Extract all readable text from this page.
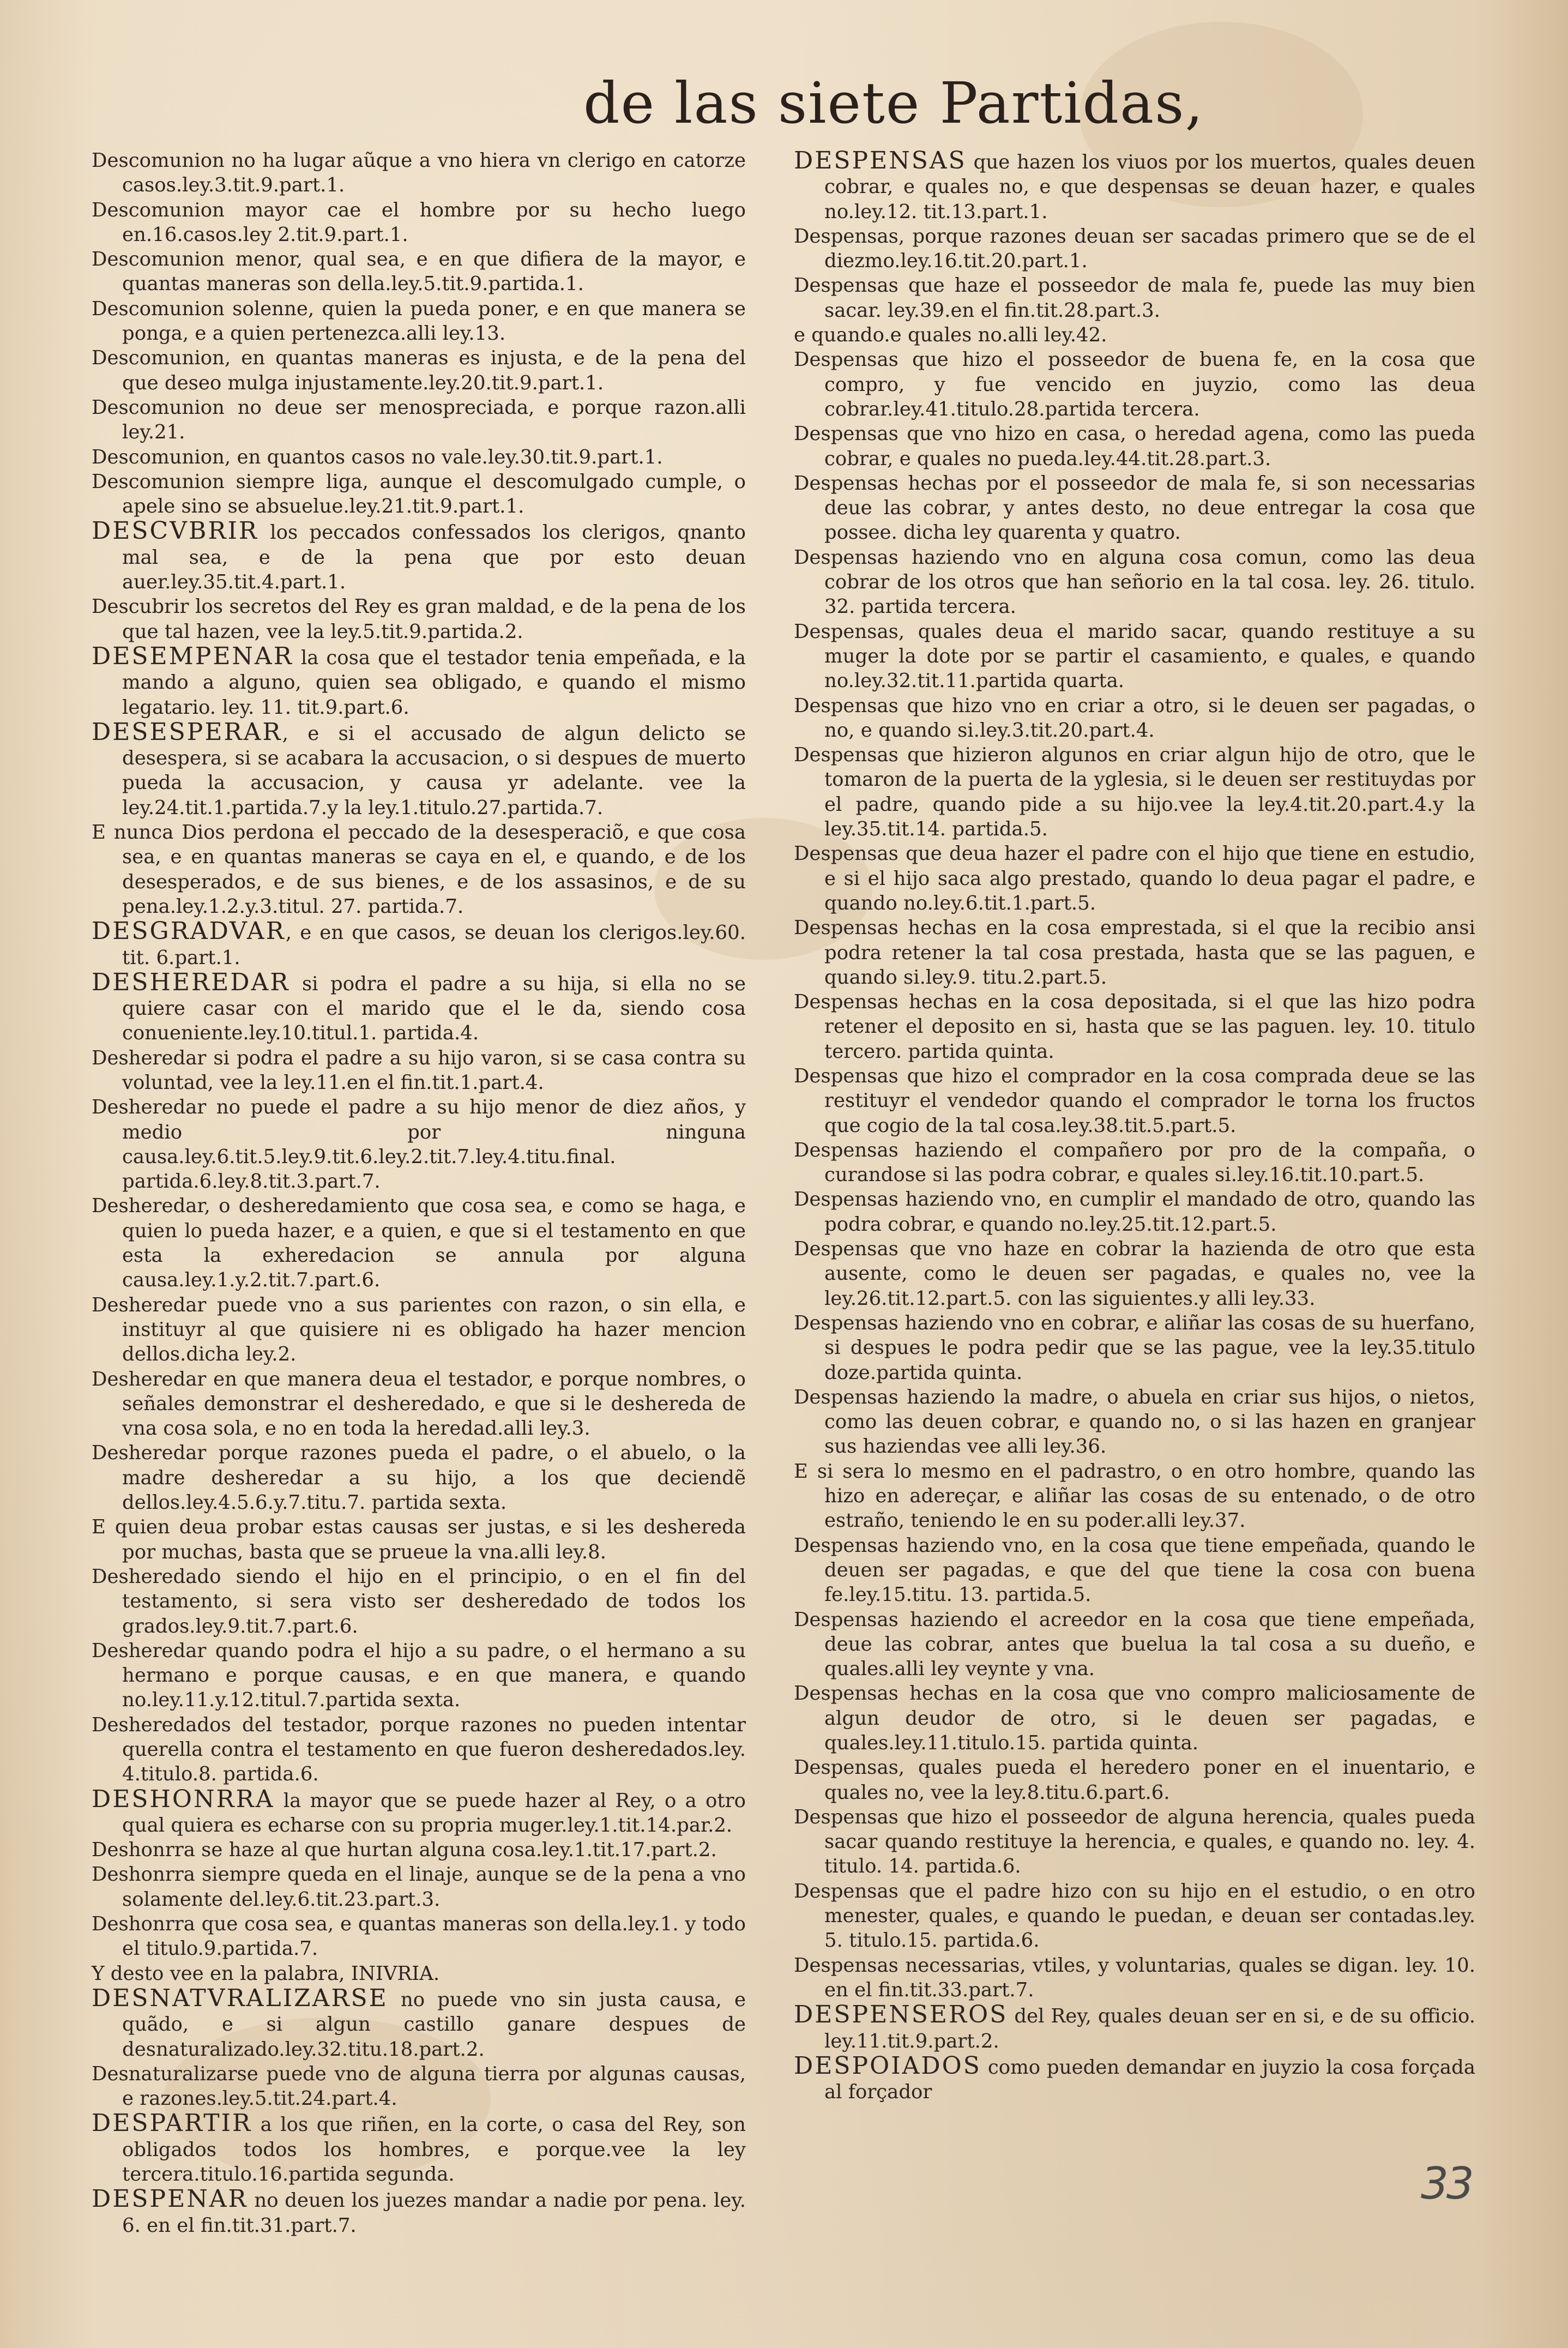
de las siete Partidas,

Descomunion no ha lugar aũque a vno hiera vn clerigo en catorze casos.ley.3.tit.9.part.1.

Descomunion mayor cae el hombre por su hecho luego en.16.casos.ley 2.tit.9.part.1.

Descomunion menor, qual sea, e en que difiera de la mayor, e quantas maneras son della.ley.5.tit.9.partida.1.

Descomunion solenne, quien la pueda poner, e en que manera se ponga, e a quien pertenezca.alli ley.13.

Descomunion, en quantas maneras es injusta, e de la pena del que deseo mulga injustamente.ley.20.tit.9.part.1.

Descomunion no deue ser menospreciada, e porque razon.alli ley.21.

Descomunion, en quantos casos no vale.ley.30.tit.9.part.1.

Descomunion siempre liga, aunque el descomulgado cumple, o apele sino se absuelue.ley.21.tit.9.part.1.

DESCVBRIR los peccados confessados los clerigos, qnanto mal sea, e de la pena que por esto deuan auer.ley.35.tit.4.part.1.

Descubrir los secretos del Rey es gran maldad, e de la pena de los que tal hazen, vee la ley.5.tit.9.partida.2.

DESEMPENAR la cosa que el testador tenia empeñada, e la mando a alguno, quien sea obligado, e quando el mismo legatario. ley. 11. tit.9.part.6.

DESESPERAR, e si el accusado de algun delicto se desespera, si se acabara la accusacion, o si despues de muerto pueda la accusacion, y causa yr adelante. vee la ley.24.tit.1.partida.7.y la ley.1.titulo.27.partida.7.

E nunca Dios perdona el peccado de la desesperaciõ, e que cosa sea, e en quantas maneras se caya en el, e quando, e de los desesperados, e de sus bienes, e de los assasinos, e de su pena.ley.1.2.y.3.titul. 27. partida.7.

DESGRADVAR, e en que casos, se deuan los clerigos.ley.60. tit. 6.part.1.

DESHEREDAR si podra el padre a su hija, si ella no se quiere casar con el marido que el le da, siendo cosa conueniente.ley.10.titul.1. partida.4.

Desheredar si podra el padre a su hijo varon, si se casa contra su voluntad, vee la ley.11.en el fin.tit.1.part.4.

Desheredar no puede el padre a su hijo menor de diez años, y medio por ninguna causa.ley.6.tit.5.ley.9.tit.6.ley.2.tit.7.ley.4.titu.final. partida.6.ley.8.tit.3.part.7.

Desheredar, o desheredamiento que cosa sea, e como se haga, e quien lo pueda hazer, e a quien, e que si el testamento en que esta la exheredacion se annula por alguna causa.ley.1.y.2.tit.7.part.6.

Desheredar puede vno a sus parientes con razon, o sin ella, e instituyr al que quisiere ni es obligado ha hazer mencion dellos.dicha ley.2.

Desheredar en que manera deua el testador, e porque nombres, o señales demonstrar el desheredado, e que si le deshereda de vna cosa sola, e no en toda la heredad.alli ley.3.

Desheredar porque razones pueda el padre, o el abuelo, o la madre desheredar a su hijo, a los que deciendẽ dellos.ley.4.5.6.y.7.titu.7. partida sexta.

E quien deua probar estas causas ser justas, e si les deshereda por muchas, basta que se prueue la vna.alli ley.8.

Desheredado siendo el hijo en el principio, o en el fin del testamento, si sera visto ser desheredado de todos los grados.ley.9.tit.7.part.6.

Desheredar quando podra el hijo a su padre, o el hermano a su hermano e porque causas, e en que manera, e quando no.ley.11.y.12.titul.7.partida sexta.

Desheredados del testador, porque razones no pueden intentar querella contra el testamento en que fueron desheredados.ley. 4.titulo.8. partida.6.

DESHONRRA la mayor que se puede hazer al Rey, o a otro qual quiera es echarse con su propria muger.ley.1.tit.14.par.2.

Deshonrra se haze al que hurtan alguna cosa.ley.1.tit.17.part.2.

Deshonrra siempre queda en el linaje, aunque se de la pena a vno solamente del.ley.6.tit.23.part.3.

Deshonrra que cosa sea, e quantas maneras son della.ley.1. y todo el titulo.9.partida.7.

Y desto vee en la palabra, INIVRIA.

DESNATVRALIZARSE no puede vno sin justa causa, e quãdo, e si algun castillo ganare despues de desnaturalizado.ley.32.titu.18.part.2.

Desnaturalizarse puede vno de alguna tierra por algunas causas, e razones.ley.5.tit.24.part.4.

DESPARTIR a los que riñen, en la corte, o casa del Rey, son obligados todos los hombres, e porque.vee la ley tercera.titulo.16.partida segunda.

DESPENAR no deuen los juezes mandar a nadie por pena. ley. 6. en el fin.tit.31.part.7.

DESPENSAS que hazen los viuos por los muertos, quales deuen cobrar, e quales no, e que despensas se deuan hazer, e quales no.ley.12. tit.13.part.1.

Despensas, porque razones deuan ser sacadas primero que se de el diezmo.ley.16.tit.20.part.1.

Despensas que haze el posseedor de mala fe, puede las muy bien sacar. ley.39.en el fin.tit.28.part.3.

e quando.e quales no.alli ley.42.

Despensas que hizo el posseedor de buena fe, en la cosa que compro, y fue vencido en juyzio, como las deua cobrar.ley.41.titulo.28.partida tercera.

Despensas que vno hizo en casa, o heredad agena, como las pueda cobrar, e quales no pueda.ley.44.tit.28.part.3.

Despensas hechas por el posseedor de mala fe, si son necessarias deue las cobrar, y antes desto, no deue entregar la cosa que possee. dicha ley quarenta y quatro.

Despensas haziendo vno en alguna cosa comun, como las deua cobrar de los otros que han señorio en la tal cosa. ley. 26. titulo. 32. partida tercera.

Despensas, quales deua el marido sacar, quando restituye a su muger la dote por se partir el casamiento, e quales, e quando no.ley.32.tit.11.partida quarta.

Despensas que hizo vno en criar a otro, si le deuen ser pagadas, o no, e quando si.ley.3.tit.20.part.4.

Despensas que hizieron algunos en criar algun hijo de otro, que le tomaron de la puerta de la yglesia, si le deuen ser restituydas por el padre, quando pide a su hijo.vee la ley.4.tit.20.part.4.y la ley.35.tit.14. partida.5.

Despensas que deua hazer el padre con el hijo que tiene en estudio, e si el hijo saca algo prestado, quando lo deua pagar el padre, e quando no.ley.6.tit.1.part.5.

Despensas hechas en la cosa emprestada, si el que la recibio ansi podra retener la tal cosa prestada, hasta que se las paguen, e quando si.ley.9. titu.2.part.5.

Despensas hechas en la cosa depositada, si el que las hizo podra retener el deposito en si, hasta que se las paguen. ley. 10. titulo tercero. partida quinta.

Despensas que hizo el comprador en la cosa comprada deue se las restituyr el vendedor quando el comprador le torna los fructos que cogio de la tal cosa.ley.38.tit.5.part.5.

Despensas haziendo el compañero por pro de la compaña, o curandose si las podra cobrar, e quales si.ley.16.tit.10.part.5.

Despensas haziendo vno, en cumplir el mandado de otro, quando las podra cobrar, e quando no.ley.25.tit.12.part.5.

Despensas que vno haze en cobrar la hazienda de otro que esta ausente, como le deuen ser pagadas, e quales no, vee la ley.26.tit.12.part.5. con las siguientes.y alli ley.33.

Despensas haziendo vno en cobrar, e aliñar las cosas de su huerfano, si despues le podra pedir que se las pague, vee la ley.35.titulo doze.partida quinta.

Despensas haziendo la madre, o abuela en criar sus hijos, o nietos, como las deuen cobrar, e quando no, o si las hazen en granjear sus haziendas vee alli ley.36.

E si sera lo mesmo en el padrastro, o en otro hombre, quando las hizo en adereçar, e aliñar las cosas de su entenado, o de otro estraño, teniendo le en su poder.alli ley.37.

Despensas haziendo vno, en la cosa que tiene empeñada, quando le deuen ser pagadas, e que del que tiene la cosa con buena fe.ley.15.titu. 13. partida.5.

Despensas haziendo el acreedor en la cosa que tiene empeñada, deue las cobrar, antes que buelua la tal cosa a su dueño, e quales.alli ley veynte y vna.

Despensas hechas en la cosa que vno compro maliciosamente de algun deudor de otro, si le deuen ser pagadas, e quales.ley.11.titulo.15. partida quinta.

Despensas, quales pueda el heredero poner en el inuentario, e quales no, vee la ley.8.titu.6.part.6.

Despensas que hizo el posseedor de alguna herencia, quales pueda sacar quando restituye la herencia, e quales, e quando no. ley. 4. titulo. 14. partida.6.

Despensas que el padre hizo con su hijo en el estudio, o en otro menester, quales, e quando le puedan, e deuan ser contadas.ley. 5. titulo.15. partida.6.

Despensas necessarias, vtiles, y voluntarias, quales se digan. ley. 10. en el fin.tit.33.part.7.

DESPENSEROS del Rey, quales deuan ser en si, e de su officio. ley.11.tit.9.part.2.

DESPOIADOS como pueden demandar en juyzio la cosa forçada al forçador

33
